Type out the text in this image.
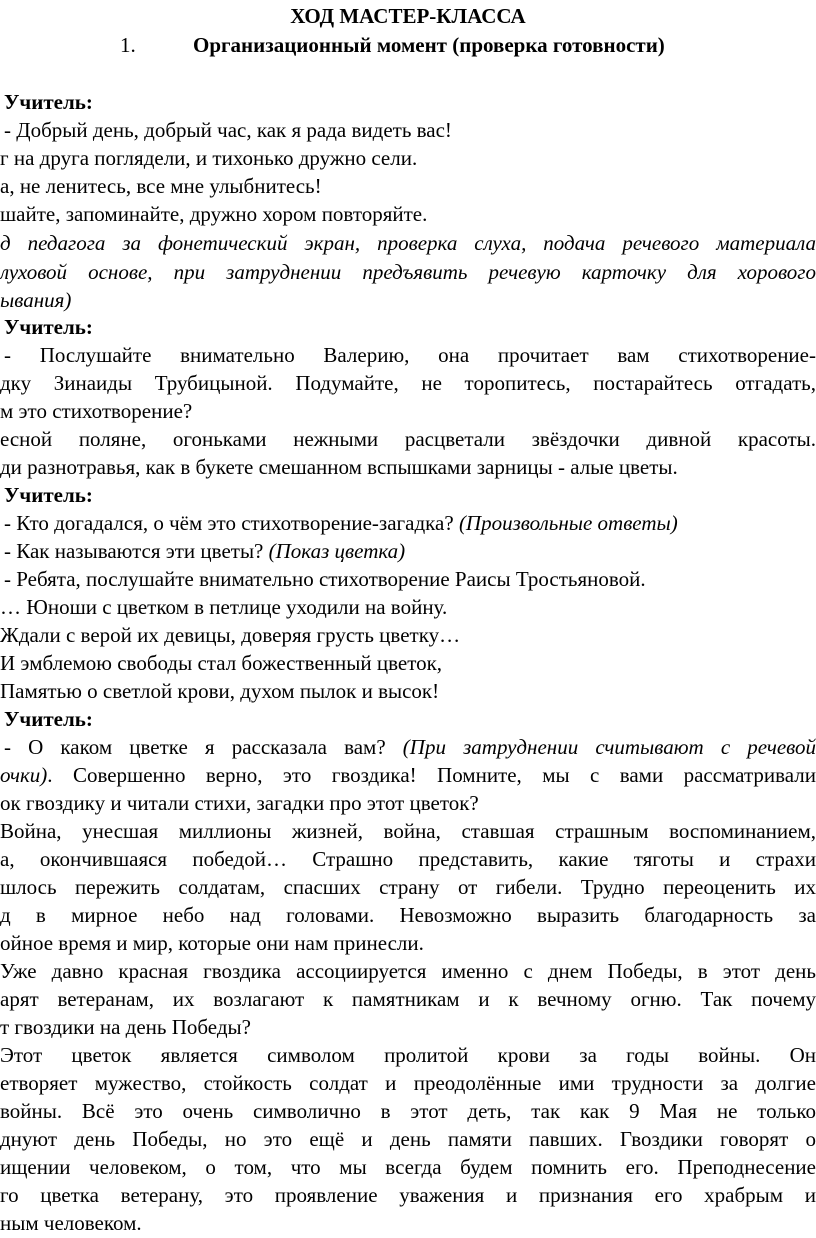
ХОД МАСТЕР-КЛАССА
1.	Организационный момент (проверка готовности)
Учитель:
- Добрый день, добрый час, как я рада видеть вас!
г на друга поглядели, и тихонько дружно сели.
а, не ленитесь, все мне улыбнитесь!
шайте, запоминайте, дружно хором повторяйте.
д педагога за фонетический экран, проверка слуха, подача речевого материала
луховой основе, при затруднении предъявить речевую карточку для хорового
ывания)
Учитель:
- Послушайте внимательно Валерию, она прочитает вам стихотворение-
дку Зинаиды Трубицыной. Подумайте, не торопитесь, постарайтесь отгадать,
м это стихотворение?
есной поляне, огоньками нежными расцветали звёздочки дивной красоты.
ди разнотравья, как в букете смешанном вспышками зарницы - алые цветы.
Учитель:
- Кто догадался, о чём это стихотворение-загадка? (Произвольные ответы)
- Как называются эти цветы? (Показ цветка)
- Ребята, послушайте внимательно стихотворение Раисы Тростьяновой.
… Юноши с цветком в петлице уходили на войну.
Ждали с верой их девицы, доверяя грусть цветку…
И эмблемою свободы стал божественный цветок,
Памятью о светлой крови, духом пылок и высок!
Учитель:
- О каком цветке я рассказала вам? (При затруднении считывают с речевой
очки). Совершенно верно, это гвоздика! Помните, мы с вами рассматривали
ок гвоздику и читали стихи, загадки про этот цветок?
Война, унесшая миллионы жизней, война, ставшая страшным воспоминанием,
а, окончившаяся победой… Страшно представить, какие тяготы и страхи
шлось пережить солдатам, спасших страну от гибели. Трудно переоценить их
д в мирное небо над головами. Невозможно выразить благодарность за
ойное время и мир, которые они нам принесли.
Уже давно красная гвоздика ассоциируется именно с днем Победы, в этот день
арят ветеранам, их возлагают к памятникам и к вечному огню. Так почему
т гвоздики на день Победы?
Этот цветок является символом пролитой крови за годы войны. Он
етворяет мужество, стойкость солдат и преодолённые ими трудности за долгие
войны. Всё это очень символично в этот деть, так как 9 Мая не только
днуют день Победы, но это ещё и день памяти павших. Гвоздики говорят о
ищении человеком, о том, что мы всегда будем помнить его. Преподнесение
го цветка ветерану, это проявление уважения и признания его храбрым и
ным человеком.
